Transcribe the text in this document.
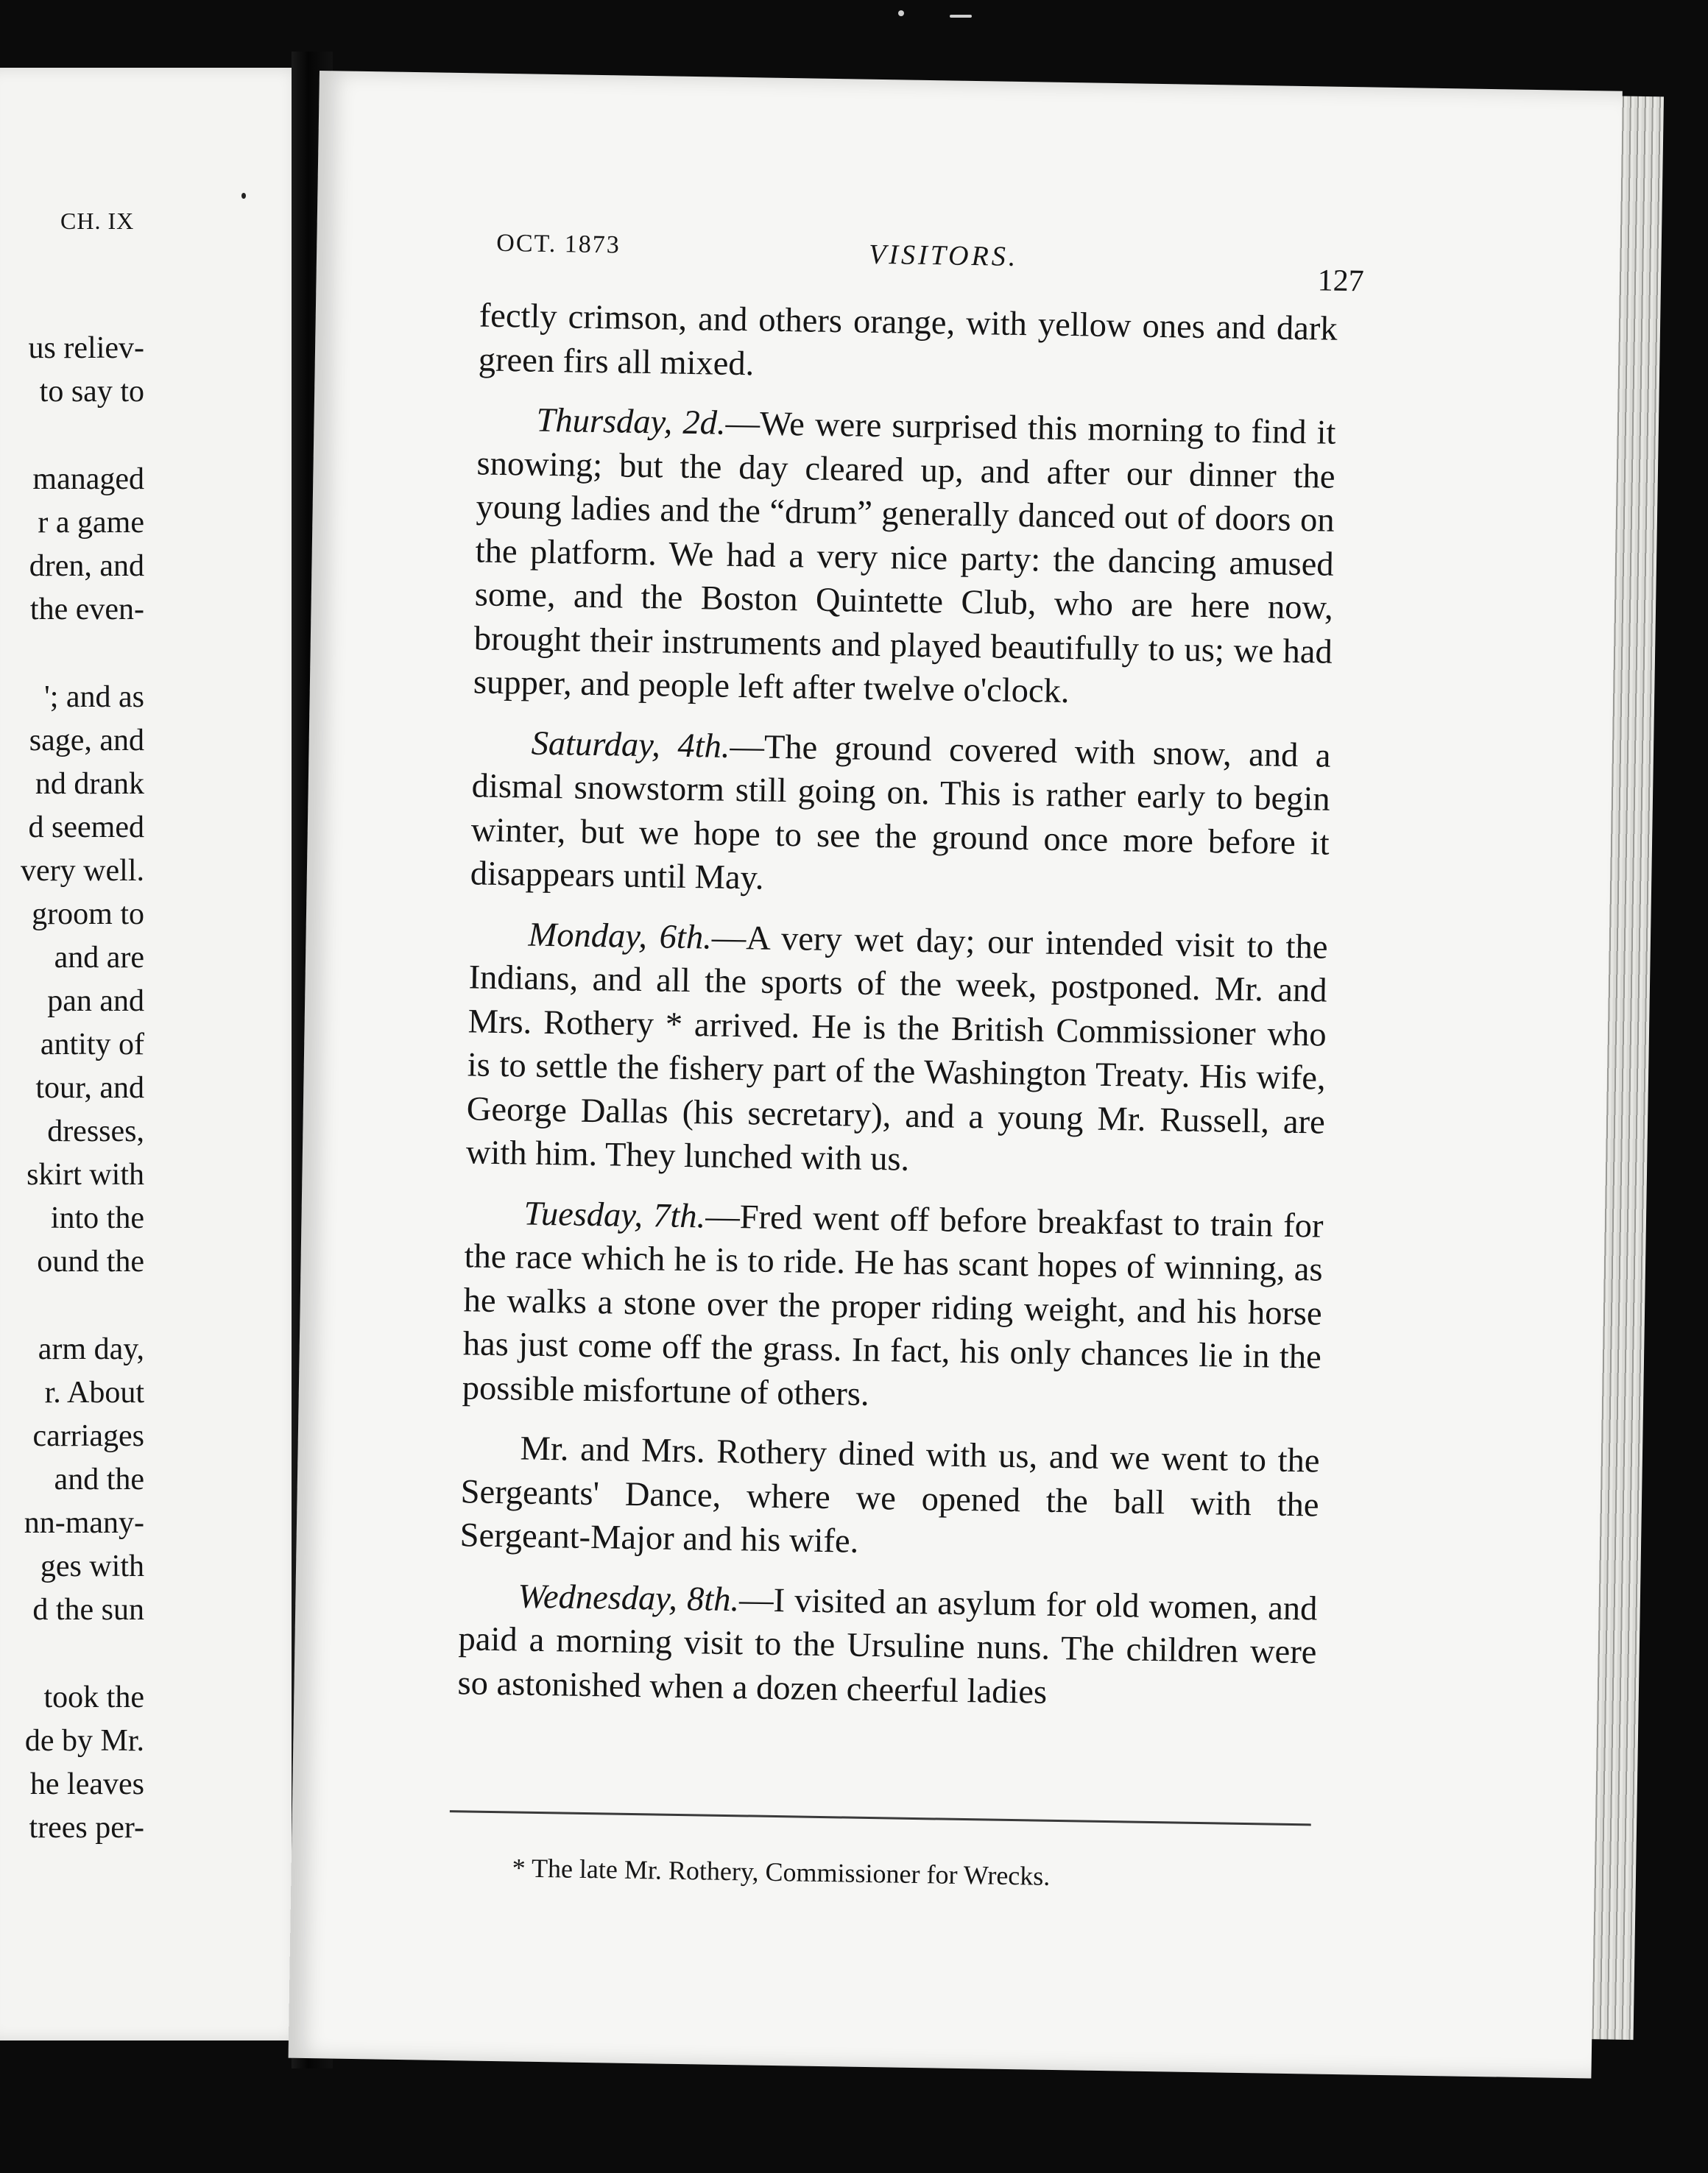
CH. IX
us reliev-
to say to
managed
r a game
dren, and
the even-
'; and as
sage, and
nd drank
d seemed
very well.
groom to
and are
pan and
antity of
tour, and
dresses,
skirt with
into the
ound the
arm day,
r. About
carriages
and the
nn-many-
ges with
d the sun
took the
de by Mr.
he leaves
trees per-
OCT. 1873	VISITORS.
127

fectly crimson, and others orange, with yellow ones and dark green firs all mixed.

Thursday, 2d.—We were surprised this morning to find it snowing; but the day cleared up, and after our dinner the young ladies and the “drum” generally danced out of doors on the platform. We had a very nice party: the dancing amused some, and the Boston Quintette Club, who are here now, brought their instruments and played beautifully to us; we had supper, and people left after twelve o'clock.

Saturday, 4th.—The ground covered with snow, and a dismal snowstorm still going on. This is rather early to begin winter, but we hope to see the ground once more before it disappears until May.

Monday, 6th.—A very wet day; our intended visit to the Indians, and all the sports of the week, postponed. Mr. and Mrs. Rothery * arrived. He is the British Commissioner who is to settle the fishery part of the Washington Treaty. His wife, George Dallas (his secretary), and a young Mr. Russell, are with him. They lunched with us.

Tuesday, 7th.—Fred went off before breakfast to train for the race which he is to ride. He has scant hopes of winning, as he walks a stone over the proper riding weight, and his horse has just come off the grass. In fact, his only chances lie in the possible misfortune of others.

Mr. and Mrs. Rothery dined with us, and we went to the Sergeants' Dance, where we opened the ball with the Sergeant-Major and his wife.

Wednesday, 8th.—I visited an asylum for old women, and paid a morning visit to the Ursuline nuns. The children were so astonished when a dozen cheerful ladies

* The late Mr. Rothery, Commissioner for Wrecks.
